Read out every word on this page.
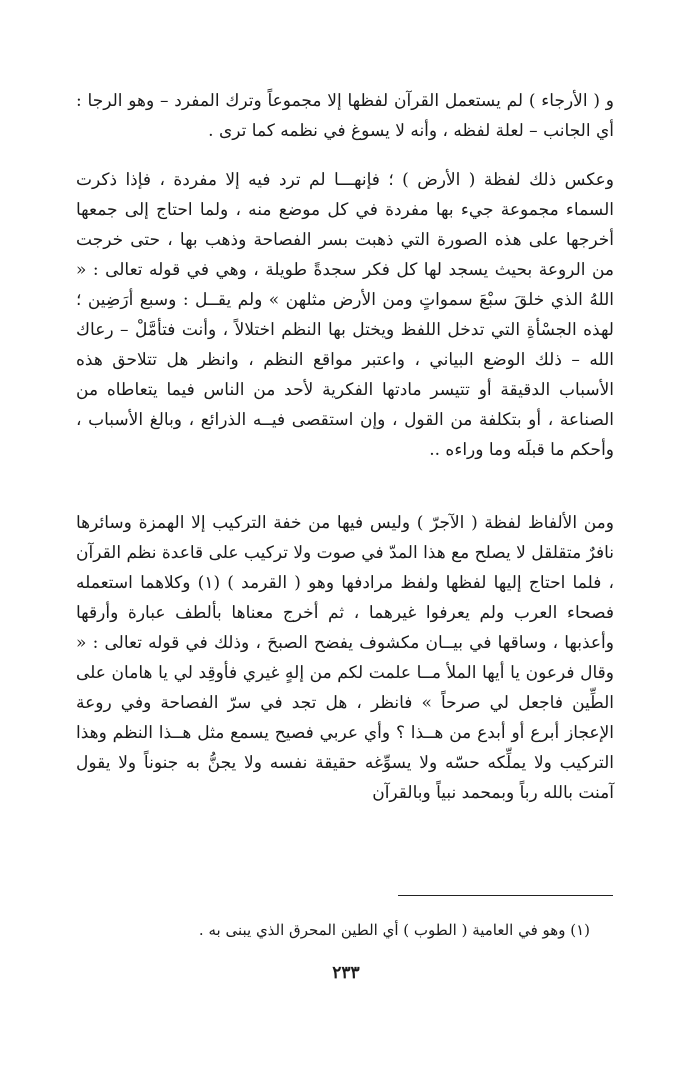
و ( الأرجاء ) لم يستعمل القرآن لفظها إلا مجموعاً وترك المفرد – وهو الرجا : أي الجانب – لعلة لفظه ، وأنه لا يسوغ في نظمه كما ترى .

وعكس ذلك لفظة ( الأرض ) ؛ فإنهـــا لم ترد فيه إلا مفردة ، فإذا ذكرت السماء مجموعة جيء بها مفردة في كل موضع منه ، ولما احتاج إلى جمعها أخرجها على هذه الصورة التي ذهبت بسر الفصاحة وذهب بها ، حتى خرجت من الروعة بحيث يسجد لها كل فكر سجدةً طويلة ، وهي في قوله تعالى : « اللهُ الذي خلقَ سبْعَ سمواتٍ ومن الأرض مثلهن » ولم يقــل : وسبع أرَضِين ؛ لهذه الجسْأةِ التي تدخل اللفظ ويختل بها النظم اختلالاً ، وأنت فتأمَّلْ – رعاك الله – ذلك الوضع البياني ، واعتبر مواقع النظم ، وانظر هل تتلاحق هذه الأسباب الدقيقة أو تتيسر مادتها الفكرية لأحد من الناس فيما يتعاطاه من الصناعة ، أو بتكلفة من القول ، وإن استقصى فيــه الذرائع ، وبالغ الأسباب ، وأحكم ما قبلَه وما وراءه ..

ومن الألفاظ لفظة ( الآجرّ ) وليس فيها من خفة التركيب إلا الهمزة وسائرها نافرٌ متقلقل لا يصلح مع هذا المدّ في صوت ولا تركيب على قاعدة نظم القرآن ، فلما احتاج إليها لفظها ولفظ مرادفها وهو ( القرمد ) (١) وكلاهما استعمله فصحاء العرب ولم يعرفوا غيرهما ، ثم أخرج معناها بألطف عبارة وأرقها وأعذبها ، وساقها في بيــان مكشوف يفضح الصبحَ ، وذلك في قوله تعالى : « وقال فرعون يا أيها الملأ مــا علمت لكم من إلهٍ غيري فأوقِد لي يا هامان على الطِّين فاجعل لي صرحاً » فانظر ، هل تجد في سرّ الفصاحة وفي روعة الإعجاز أبرع أو أبدع من هــذا ؟ وأي عربي فصيح يسمع مثل هــذا النظم وهذا التركيب ولا يملِّكه حسّه ولا يسوِّغه حقيقة نفسه ولا يجنُّ به جنوناً ولا يقول آمنت بالله رباً وبمحمد نبياً وبالقرآن

(١) وهو في العامية ( الطوب ) أي الطين المحرق الذي يبنى به .
٢٣٣
